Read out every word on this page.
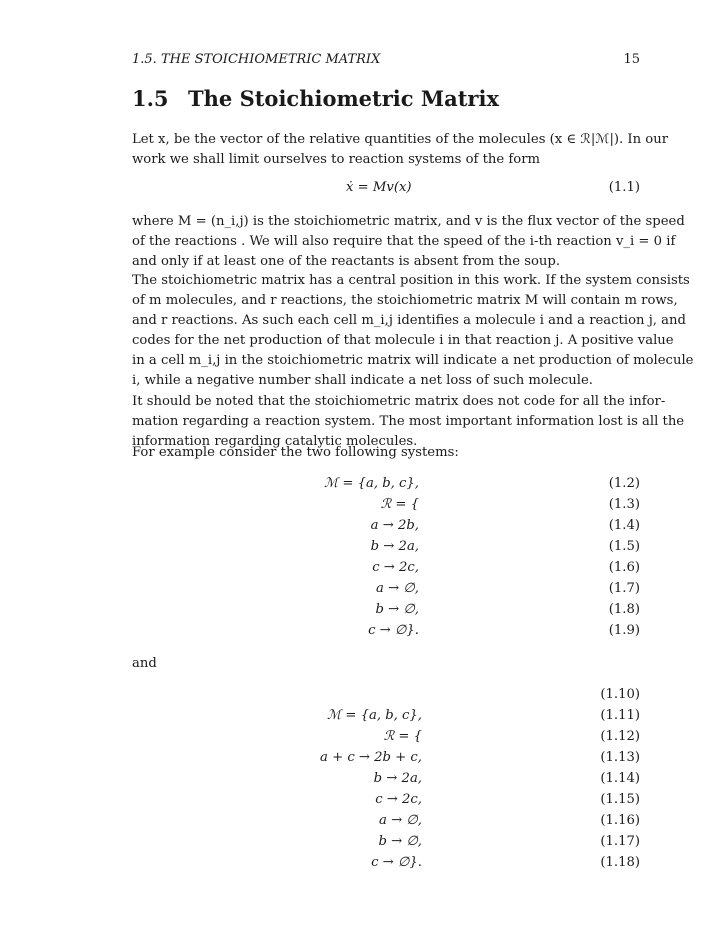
1.5. THE STOICHIOMETRIC MATRIX	15
1.5 The Stoichiometric Matrix
Let x, be the vector of the relative quantities of the molecules (x ∈ ℛ|ℳ|). In our
work we shall limit ourselves to reaction systems of the form
ẋ = Mv(x)	(1.1)
where M = (n_i,j) is the stoichiometric matrix, and v is the flux vector of the speed
of the reactions . We will also require that the speed of the i-th reaction v_i = 0 if
and only if at least one of the reactants is absent from the soup.
The stoichiometric matrix has a central position in this work. If the system consists
of m molecules, and r reactions, the stoichiometric matrix M will contain m rows,
and r reactions. As such each cell m_i,j identifies a molecule i and a reaction j, and
codes for the net production of that molecule i in that reaction j. A positive value
in a cell m_i,j in the stoichiometric matrix will indicate a net production of molecule
i, while a negative number shall indicate a net loss of such molecule.
It should be noted that the stoichiometric matrix does not code for all the infor-
mation regarding a reaction system. The most important information lost is all the
information regarding catalytic molecules.
For example consider the two following systems:
ℳ = {a, b, c},	(1.2)
ℛ = {	(1.3)
a → 2b,	(1.4)
b → 2a,	(1.5)
c → 2c,	(1.6)
a → ∅,	(1.7)
b → ∅,	(1.8)
c → ∅}.	(1.9)
and
(1.10)
ℳ = {a, b, c},	(1.11)
ℛ = {	(1.12)
a + c → 2b + c,	(1.13)
b → 2a,	(1.14)
c → 2c,	(1.15)
a → ∅,	(1.16)
b → ∅,	(1.17)
c → ∅}.	(1.18)
